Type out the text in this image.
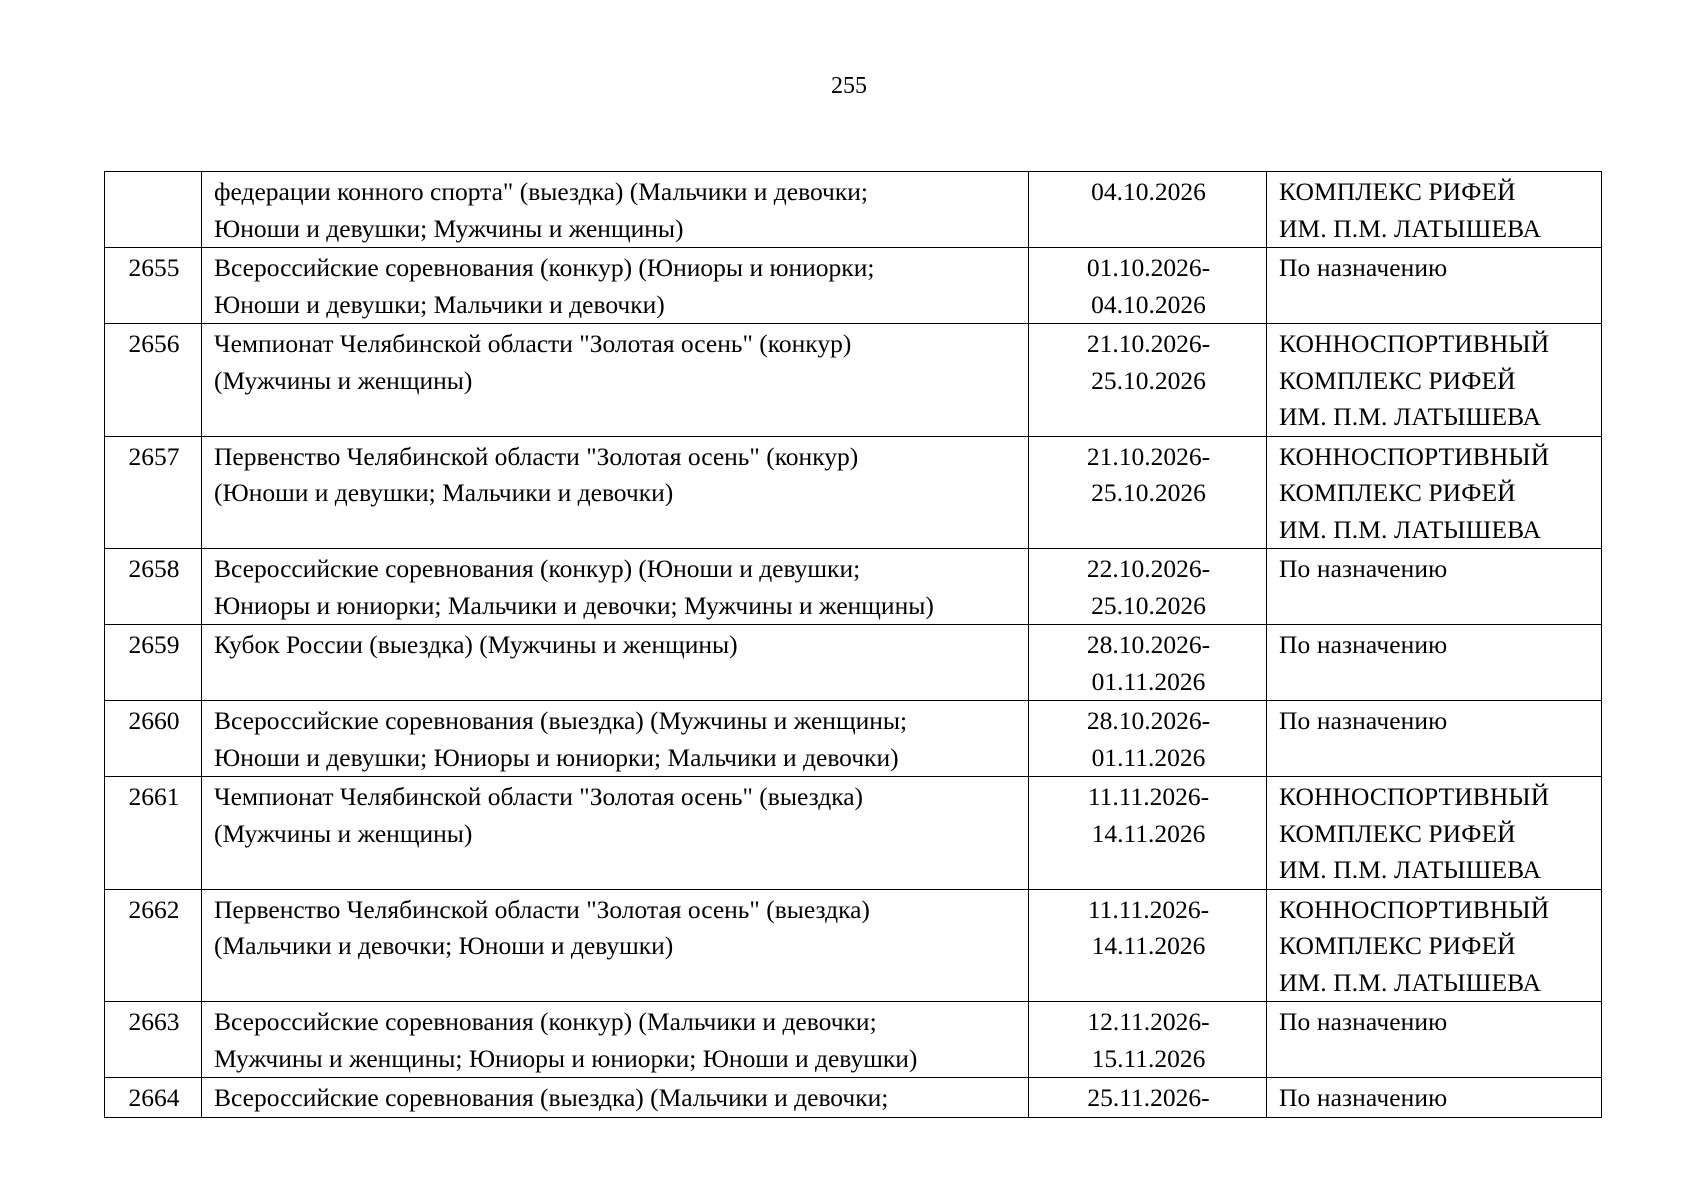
255

	федерации конного спорта" (выездка) (Мальчики и девочки;
Юноши и девушки; Мужчины и женщины)	04.10.2026	КОМПЛЕКС РИФЕЙ
ИМ. П.М. ЛАТЫШЕВА

2655	Всероссийские соревнования (конкур) (Юниоры и юниорки;
Юноши и девушки; Мальчики и девочки)	01.10.2026-
04.10.2026	По назначению

2656	Чемпионат Челябинской области "Золотая осень" (конкур)
(Мужчины и женщины)	21.10.2026-
25.10.2026	КОННОСПОРТИВНЫЙ
КОМПЛЕКС РИФЕЙ
ИМ. П.М. ЛАТЫШЕВА

2657	Первенство Челябинской области "Золотая осень" (конкур)
(Юноши и девушки; Мальчики и девочки)	21.10.2026-
25.10.2026	КОННОСПОРТИВНЫЙ
КОМПЛЕКС РИФЕЙ
ИМ. П.М. ЛАТЫШЕВА

2658	Всероссийские соревнования (конкур) (Юноши и девушки;
Юниоры и юниорки; Мальчики и девочки; Мужчины и женщины)	22.10.2026-
25.10.2026	По назначению

2659	Кубок России (выездка) (Мужчины и женщины)	28.10.2026-
01.11.2026	По назначению

2660	Всероссийские соревнования (выездка) (Мужчины и женщины;
Юноши и девушки; Юниоры и юниорки; Мальчики и девочки)	28.10.2026-
01.11.2026	По назначению

2661	Чемпионат Челябинской области "Золотая осень" (выездка)
(Мужчины и женщины)	11.11.2026-
14.11.2026	КОННОСПОРТИВНЫЙ
КОМПЛЕКС РИФЕЙ
ИМ. П.М. ЛАТЫШЕВА

2662	Первенство Челябинской области "Золотая осень" (выездка)
(Мальчики и девочки; Юноши и девушки)	11.11.2026-
14.11.2026	КОННОСПОРТИВНЫЙ
КОМПЛЕКС РИФЕЙ
ИМ. П.М. ЛАТЫШЕВА

2663	Всероссийские соревнования (конкур) (Мальчики и девочки;
Мужчины и женщины; Юниоры и юниорки; Юноши и девушки)	12.11.2026-
15.11.2026	По назначению

2664	Всероссийские соревнования (выездка) (Мальчики и девочки;	25.11.2026-	По назначению
